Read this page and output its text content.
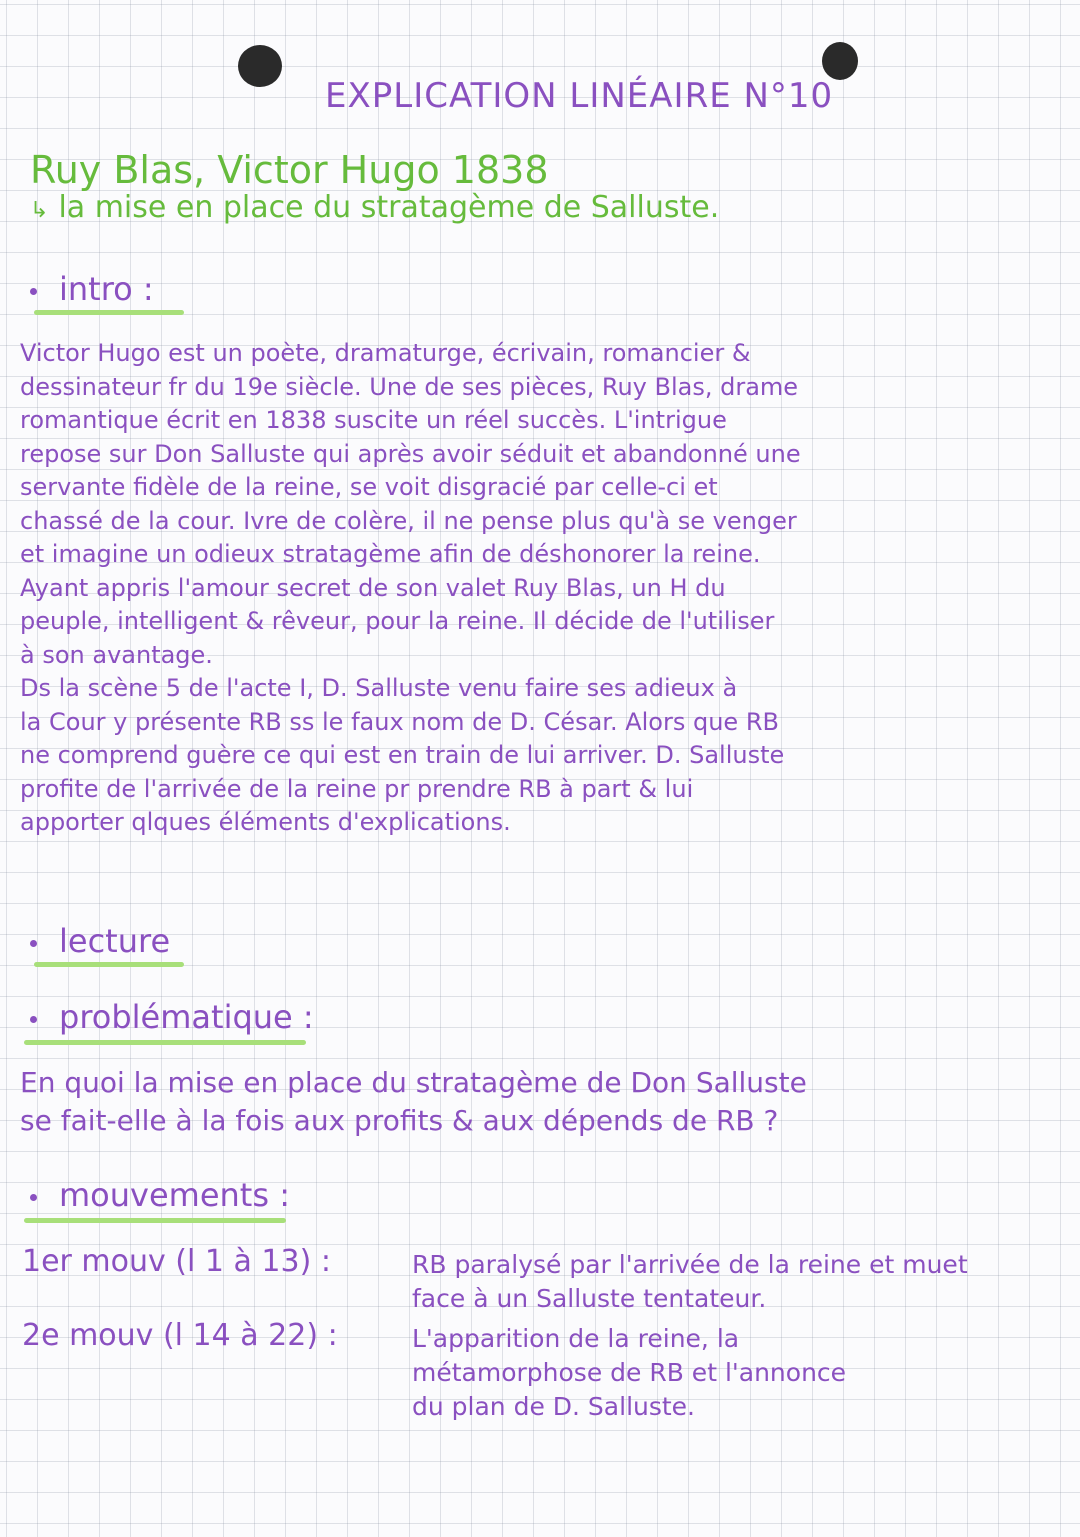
EXPLICATION LINÉAIRE N°10
Ruy Blas, Victor Hugo 1838
↳ la mise en place du stratagème de Salluste.
intro :
Victor Hugo est un poète, dramaturge, écrivain, romancier &
dessinateur fr du 19e siècle. Une de ses pièces, Ruy Blas, drame
romantique écrit en 1838 suscite un réel succès. L'intrigue
repose sur Don Salluste qui après avoir séduit et abandonné une
servante fidèle de la reine, se voit disgracié par celle-ci et
chassé de la cour. Ivre de colère, il ne pense plus qu'à se venger
et imagine un odieux stratagème afin de déshonorer la reine.
Ayant appris l'amour secret de son valet Ruy Blas, un H du
peuple, intelligent & rêveur, pour la reine. Il décide de l'utiliser
à son avantage.
Ds la scène 5 de l'acte I, D. Salluste venu faire ses adieux à
la Cour y présente RB ss le faux nom de D. César. Alors que RB
ne comprend guère ce qui est en train de lui arriver. D. Salluste
profite de l'arrivée de la reine pr prendre RB à part & lui
apporter qlques éléments d'explications.
lecture
problématique :
En quoi la mise en place du stratagème de Don Salluste
se fait-elle à la fois aux profits & aux dépends de RB ?
mouvements :
1er mouv (l 1 à 13) :	RB paralysé par l'arrivée de la reine et muet
face à un Salluste tentateur.
2e mouv (l 14 à 22) :	L'apparition de la reine, la
métamorphose de RB et l'annonce
du plan de D. Salluste.
